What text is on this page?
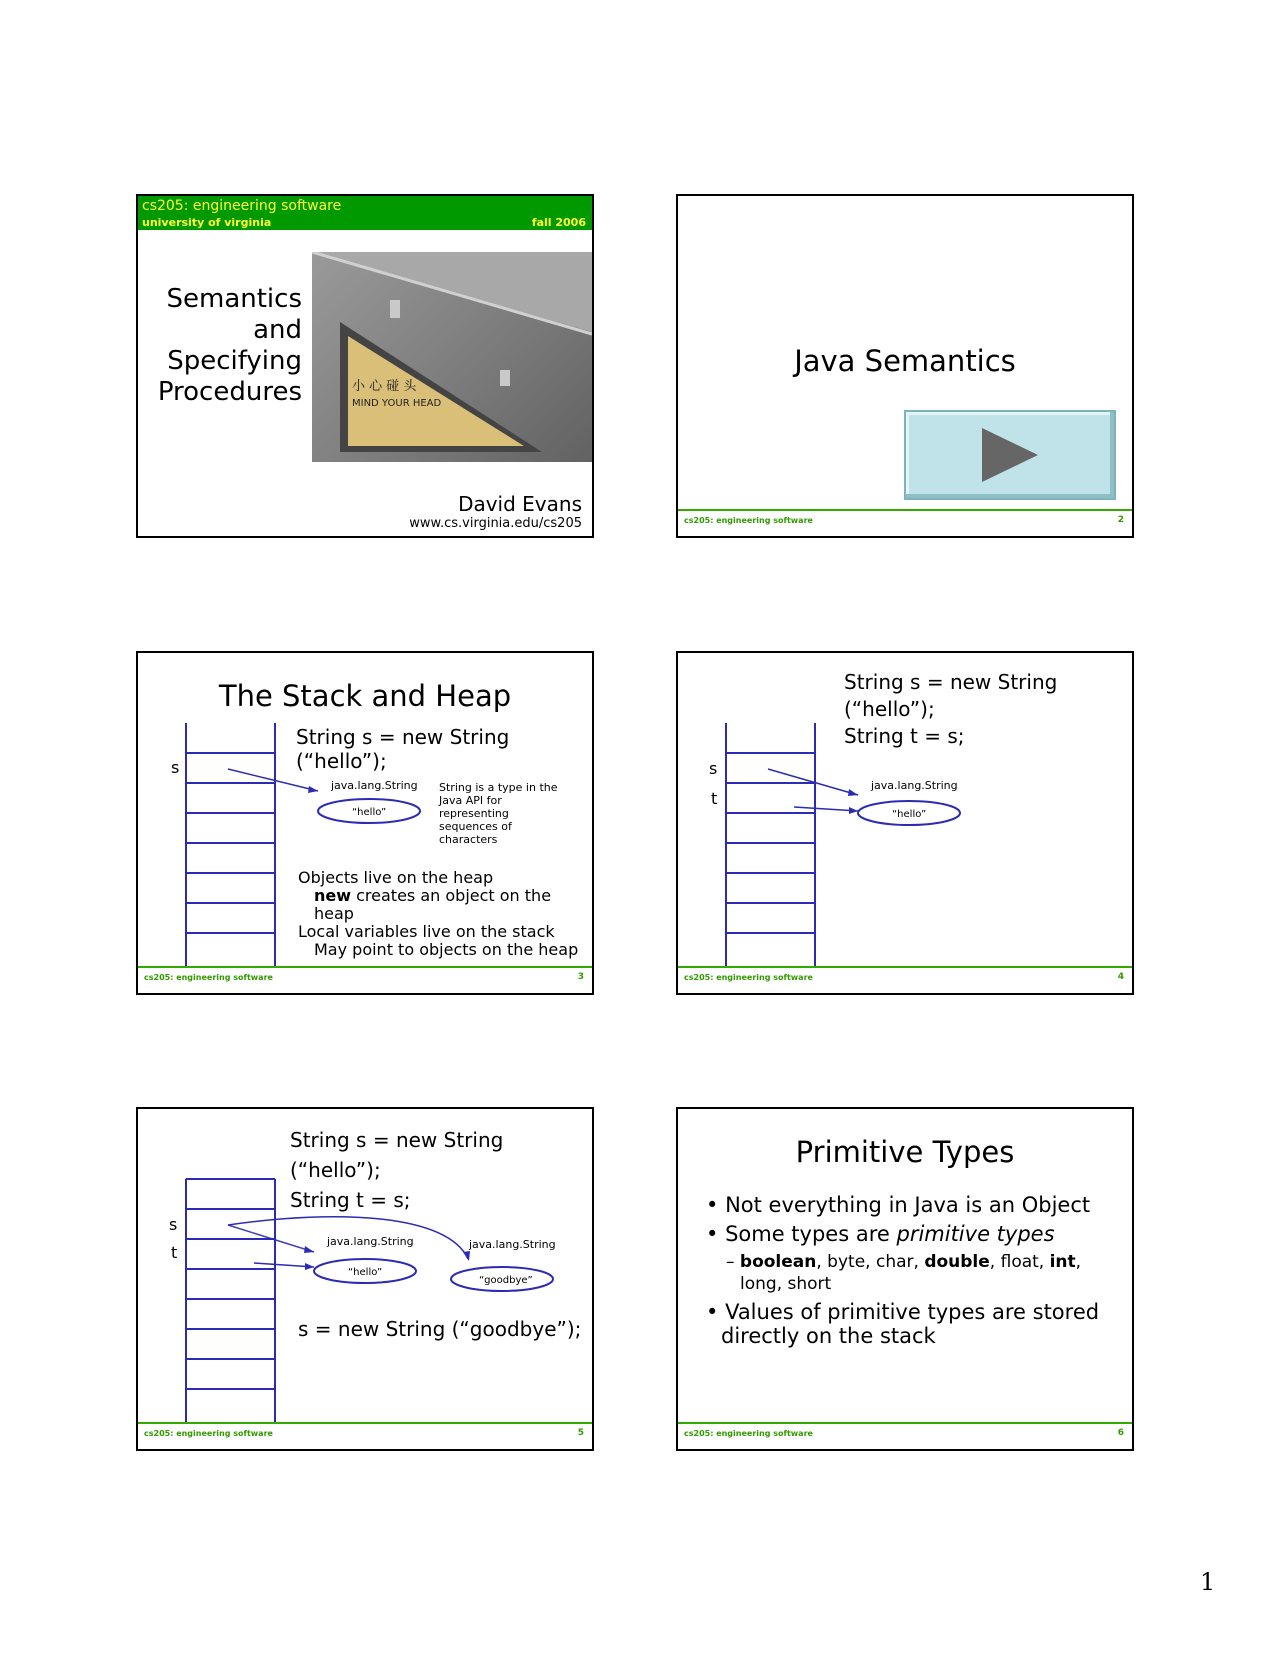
cs205: engineering software
university of virginia	fall 2006
Semantics
and
Specifying
Procedures	小 心 碰 头
MIND YOUR HEAD
David Evans
www.cs.virginia.edu/cs205
Java Semantics
cs205: engineering software	2
The Stack and Heap
s
java.lang.String
“hello”
String s = new String (“hello”);
String is a type in the
Java API for
representing
sequences of
characters
Objects live on the heap
new creates an object on the heap
Local variables live on the stack
May point to objects on the heap
cs205: engineering software	3
String s = new String (“hello”);
String t = s;
s
t
java.lang.String
“hello”
cs205: engineering software	4
String s = new String (“hello”);
String t = s;
s
t
java.lang.String
“hello”
java.lang.String
“goodbye”
s = new String (“goodbye”);
cs205: engineering software	5
Primitive Types
• Not everything in Java is an Object
• Some types are primitive types
– boolean, byte, char, double, float, int,
long, short
• Values of primitive types are stored
directly on the stack
cs205: engineering software	6
1
